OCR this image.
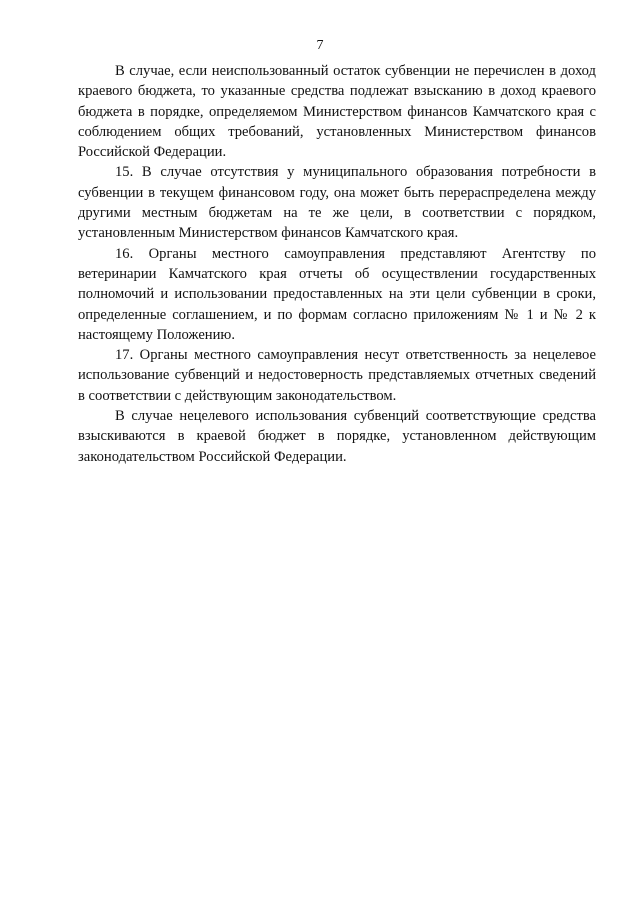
7

В случае, если неиспользованный остаток субвенции не перечислен в доход краевого бюджета, то указанные средства подлежат взысканию в доход краевого бюджета в порядке, определяемом Министерством финансов Камчатского края с соблюдением общих требований, установленных Министерством финансов Российской Федерации.

15. В случае отсутствия у муниципального образования потребности в субвенции в текущем финансовом году, она может быть перераспределена между другими местным бюджетам на те же цели, в соответствии с порядком, установленным Министерством финансов Камчатского края.

16. Органы местного самоуправления представляют Агентству по ветеринарии Камчатского края отчеты об осуществлении государственных полномочий и использовании предоставленных на эти цели субвенции в сроки, определенные соглашением, и по формам согласно приложениям № 1 и № 2 к настоящему Положению.

17. Органы местного самоуправления несут ответственность за нецелевое использование субвенций и недостоверность представляемых отчетных сведений в соответствии с действующим законодательством.

В случае нецелевого использования субвенций соответствующие средства взыскиваются в краевой бюджет в порядке, установленном действующим законодательством Российской Федерации.
